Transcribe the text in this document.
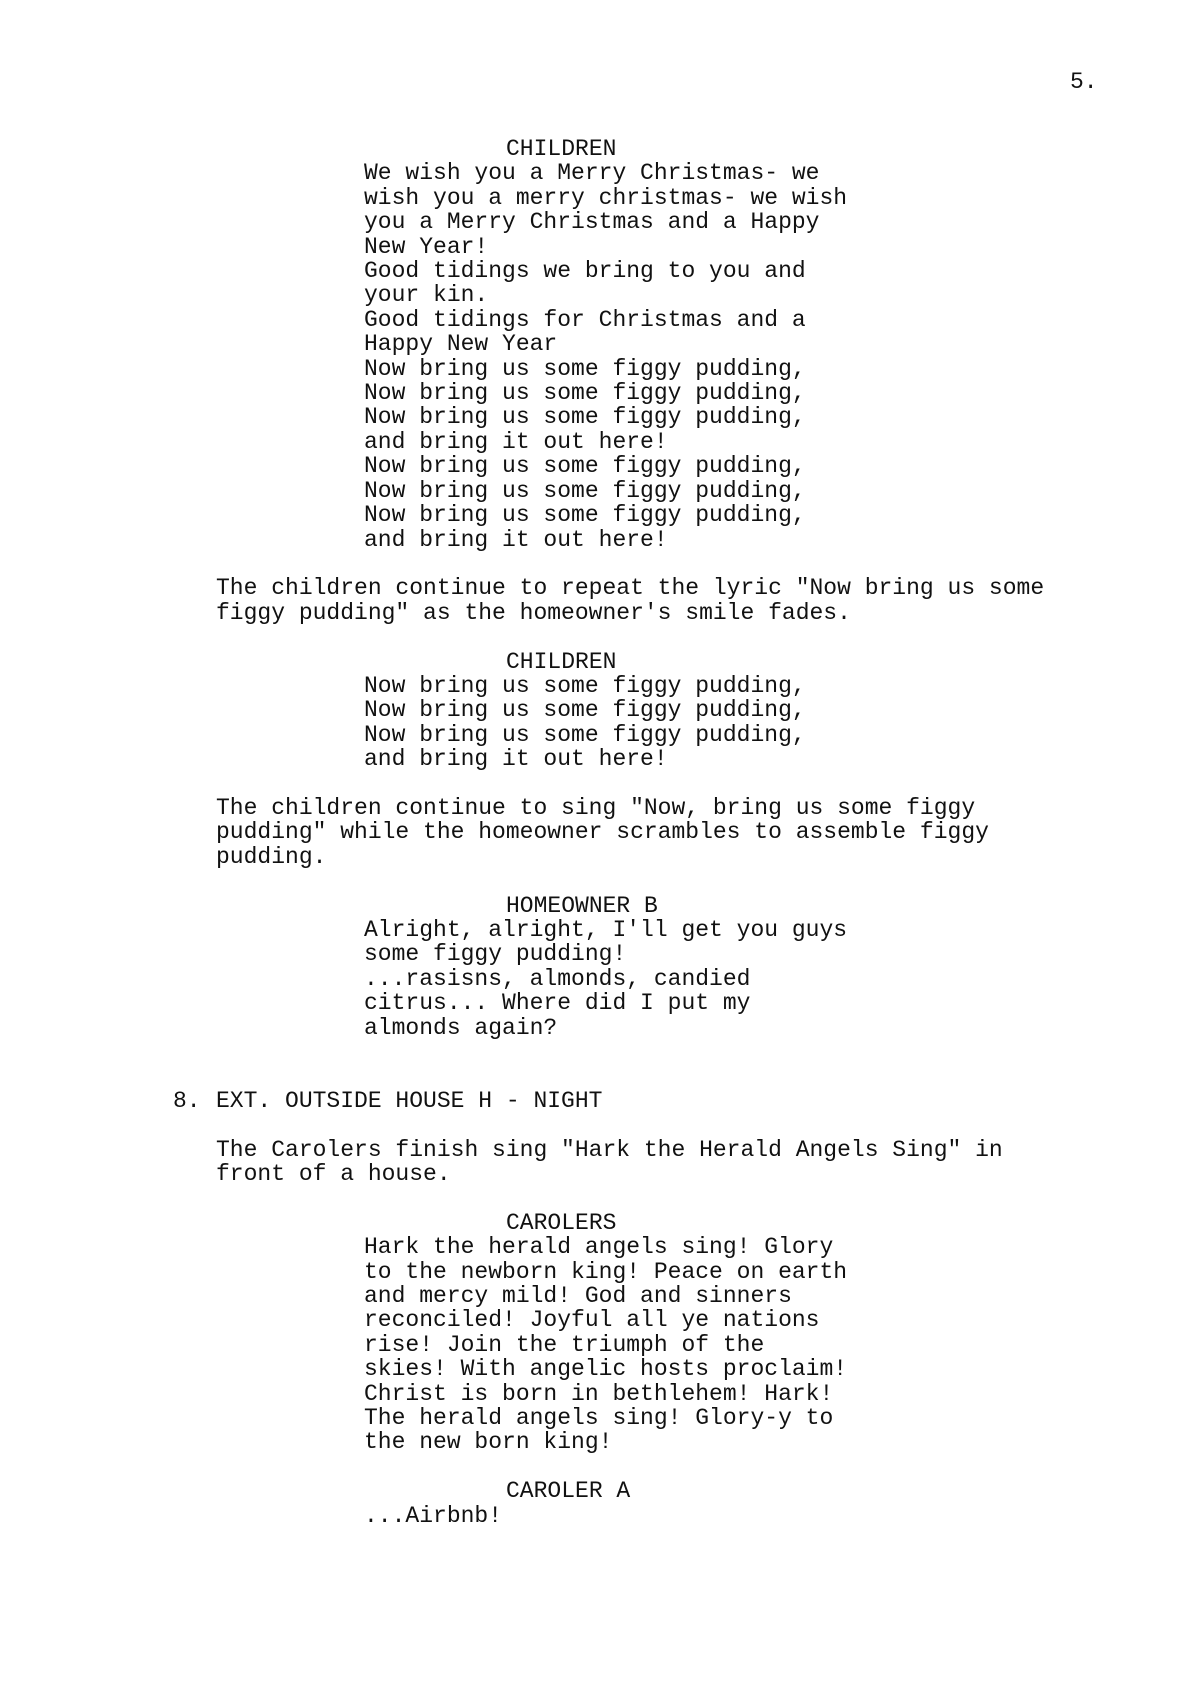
5.
CHILDREN
We wish you a Merry Christmas- we
wish you a merry christmas- we wish
you a Merry Christmas and a Happy
New Year!
Good tidings we bring to you and
your kin.
Good tidings for Christmas and a
Happy New Year
Now bring us some figgy pudding,
Now bring us some figgy pudding,
Now bring us some figgy pudding,
and bring it out here!
Now bring us some figgy pudding,
Now bring us some figgy pudding,
Now bring us some figgy pudding,
and bring it out here!
The children continue to repeat the lyric "Now bring us some
figgy pudding" as the homeowner's smile fades.
CHILDREN
Now bring us some figgy pudding,
Now bring us some figgy pudding,
Now bring us some figgy pudding,
and bring it out here!
The children continue to sing "Now, bring us some figgy
pudding" while the homeowner scrambles to assemble figgy
pudding.
HOMEOWNER B
Alright, alright, I'll get you guys
some figgy pudding!
...rasisns, almonds, candied
citrus... Where did I put my
almonds again?
8. EXT. OUTSIDE HOUSE H - NIGHT
The Carolers finish sing "Hark the Herald Angels Sing" in
front of a house.
CAROLERS
Hark the herald angels sing! Glory
to the newborn king! Peace on earth
and mercy mild! God and sinners
reconciled! Joyful all ye nations
rise! Join the triumph of the
skies! With angelic hosts proclaim!
Christ is born in bethlehem! Hark!
The herald angels sing! Glory-y to
the new born king!
CAROLER A
...Airbnb!
